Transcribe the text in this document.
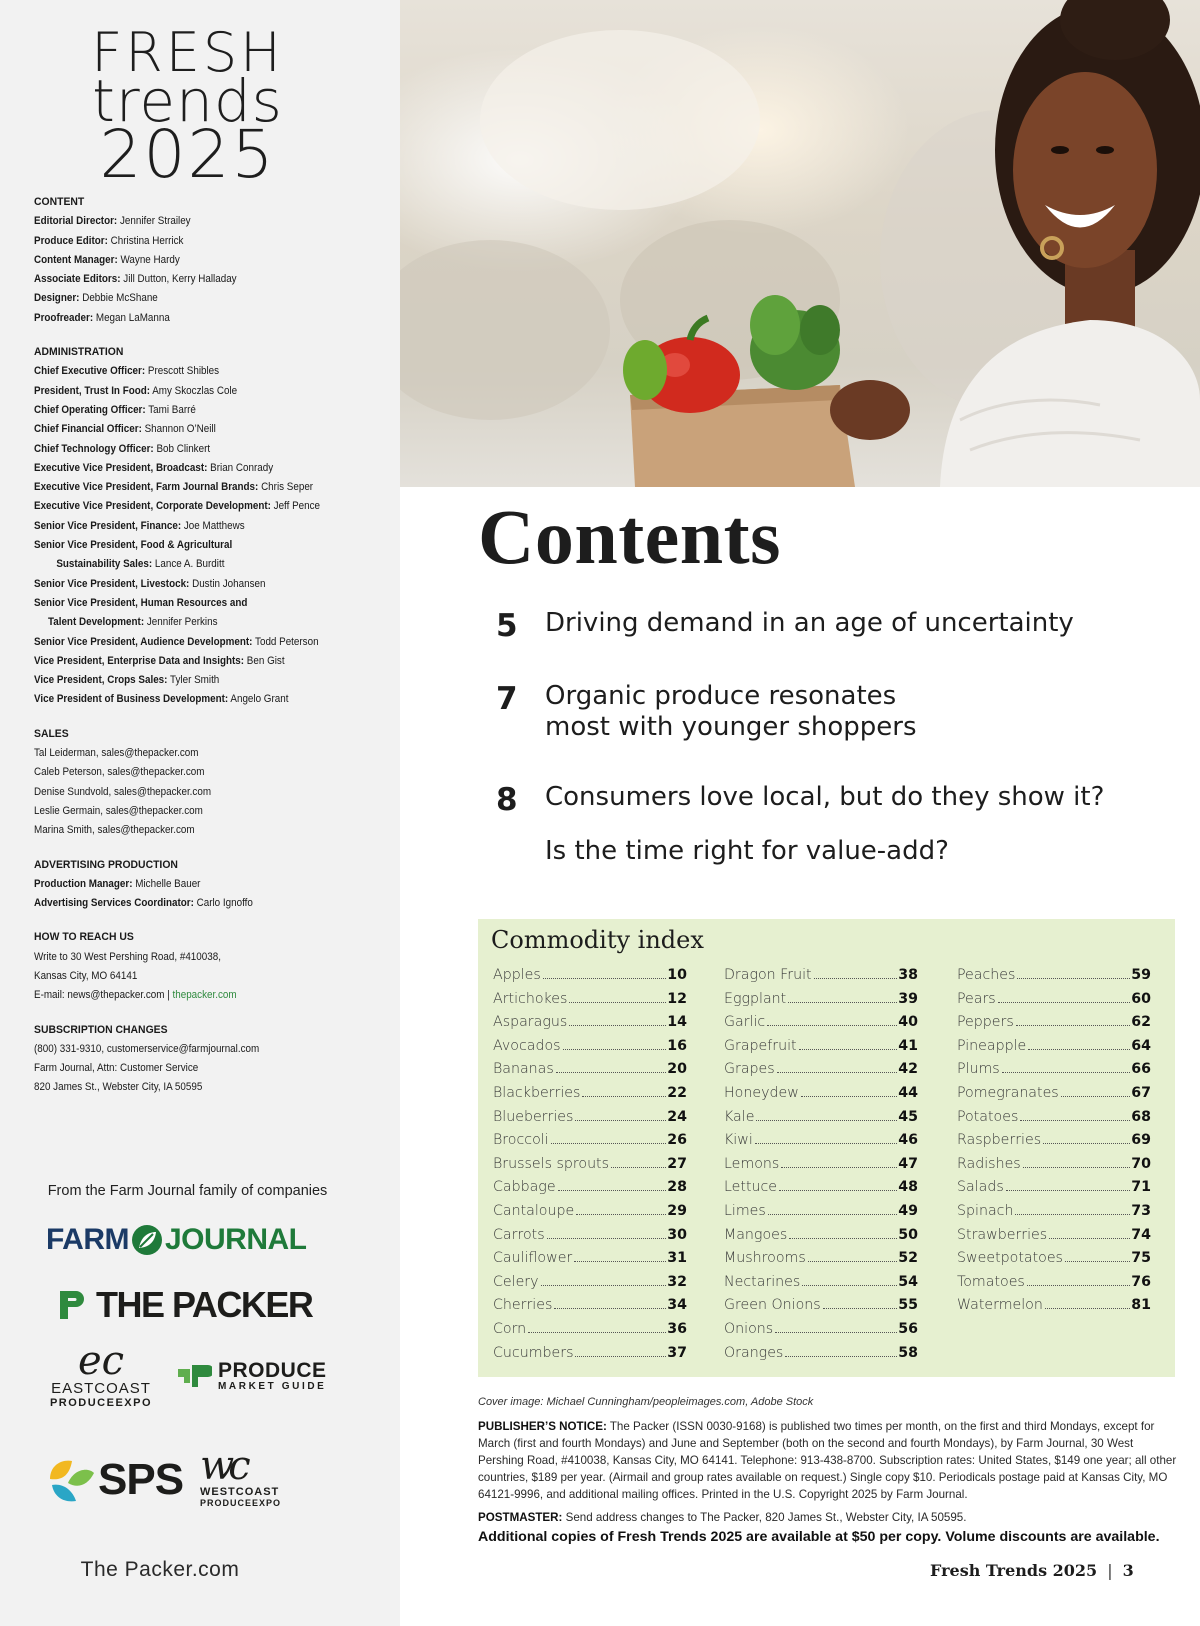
FRESH
trends
2025
CONTENT
Editorial Director: Jennifer Strailey
Produce Editor: Christina Herrick
Content Manager: Wayne Hardy
Associate Editors: Jill Dutton, Kerry Halladay
Designer: Debbie McShane
Proofreader: Megan LaManna
ADMINISTRATION
Chief Executive Officer: Prescott Shibles
President, Trust In Food: Amy Skoczlas Cole
Chief Operating Officer: Tami Barré
Chief Financial Officer: Shannon O’Neill
Chief Technology Officer: Bob Clinkert
Executive Vice President, Broadcast: Brian Conrady
Executive Vice President, Farm Journal Brands: Chris Seper
Executive Vice President, Corporate Development: Jeff Pence
Senior Vice President, Finance: Joe Matthews
Senior Vice President, Food & Agricultural
Sustainability Sales: Lance A. Burditt
Senior Vice President, Livestock: Dustin Johansen
Senior Vice President, Human Resources and
Talent Development: Jennifer Perkins
Senior Vice President, Audience Development: Todd Peterson
Vice President, Enterprise Data and Insights: Ben Gist
Vice President, Crops Sales: Tyler Smith
Vice President of Business Development: Angelo Grant
SALES
Tal Leiderman, sales@thepacker.com
Caleb Peterson, sales@thepacker.com
Denise Sundvold, sales@thepacker.com
Leslie Germain, sales@thepacker.com
Marina Smith, sales@thepacker.com
ADVERTISING PRODUCTION
Production Manager: Michelle Bauer
Advertising Services Coordinator: Carlo Ignoffo
HOW TO REACH US
Write to 30 West Pershing Road, #410038,
Kansas City, MO 64141
E-mail: news@thepacker.com | thepacker.com
SUBSCRIPTION CHANGES
(800) 331-9310, customerservice@farmjournal.com
Farm Journal, Attn: Customer Service
820 James St., Webster City, IA 50595
From the Farm Journal family of companies
FARM JOURNAL
THE PACKER
ec
EASTCOAST
PRODUCEEXPO
PRODUCE
MARKET GUIDE
SPS wc
WESTCOAST
PRODUCEEXPO
The Packer.com
Contents
5 Driving demand in an age of uncertainty
7 Organic produce resonates
most with younger shoppers
8 Consumers love local, but do they show it?
Is the time right for value-add?
Commodity index
Apples	10
Artichokes	12
Asparagus	14
Avocados	16
Bananas	20
Blackberries	22
Blueberries	24
Broccoli	26
Brussels sprouts	27
Cabbage	28
Cantaloupe	29
Carrots	30
Cauliflower	31
Celery	32
Cherries	34
Corn	36
Cucumbers	37
Dragon Fruit	38
Eggplant	39
Garlic	40
Grapefruit	41
Grapes	42
Honeydew	44
Kale	45
Kiwi	46
Lemons	47
Lettuce	48
Limes	49
Mangoes	50
Mushrooms	52
Nectarines	54
Green Onions	55
Onions	56
Oranges	58
Peaches	59
Pears	60
Peppers	62
Pineapple	64
Plums	66
Pomegranates	67
Potatoes	68
Raspberries	69
Radishes	70
Salads	71
Spinach	73
Strawberries	74
Sweetpotatoes	75
Tomatoes	76
Watermelon	81
Cover image: Michael Cunningham/peopleimages.com, Adobe Stock

PUBLISHER’S NOTICE: The Packer (ISSN 0030-9168) is published two times per month, on the first and third Mondays, except for March (first and fourth Mondays) and June and September (both on the second and fourth Mondays), by Farm Journal, 30 West Pershing Road, #410038, Kansas City, MO 64141. Telephone: 913-438-8700. Subscription rates: United States, $149 one year; all other countries, $189 per year. (Airmail and group rates available on request.) Single copy $10. Periodicals postage paid at Kansas City, MO 64121-9996, and additional mailing offices. Printed in the U.S. Copyright 2025 by Farm Journal.

POSTMASTER: Send address changes to The Packer, 820 James St., Webster City, IA 50595.

Additional copies of Fresh Trends 2025 are available at $50 per copy. Volume discounts are available.
Fresh Trends 2025 | 3
